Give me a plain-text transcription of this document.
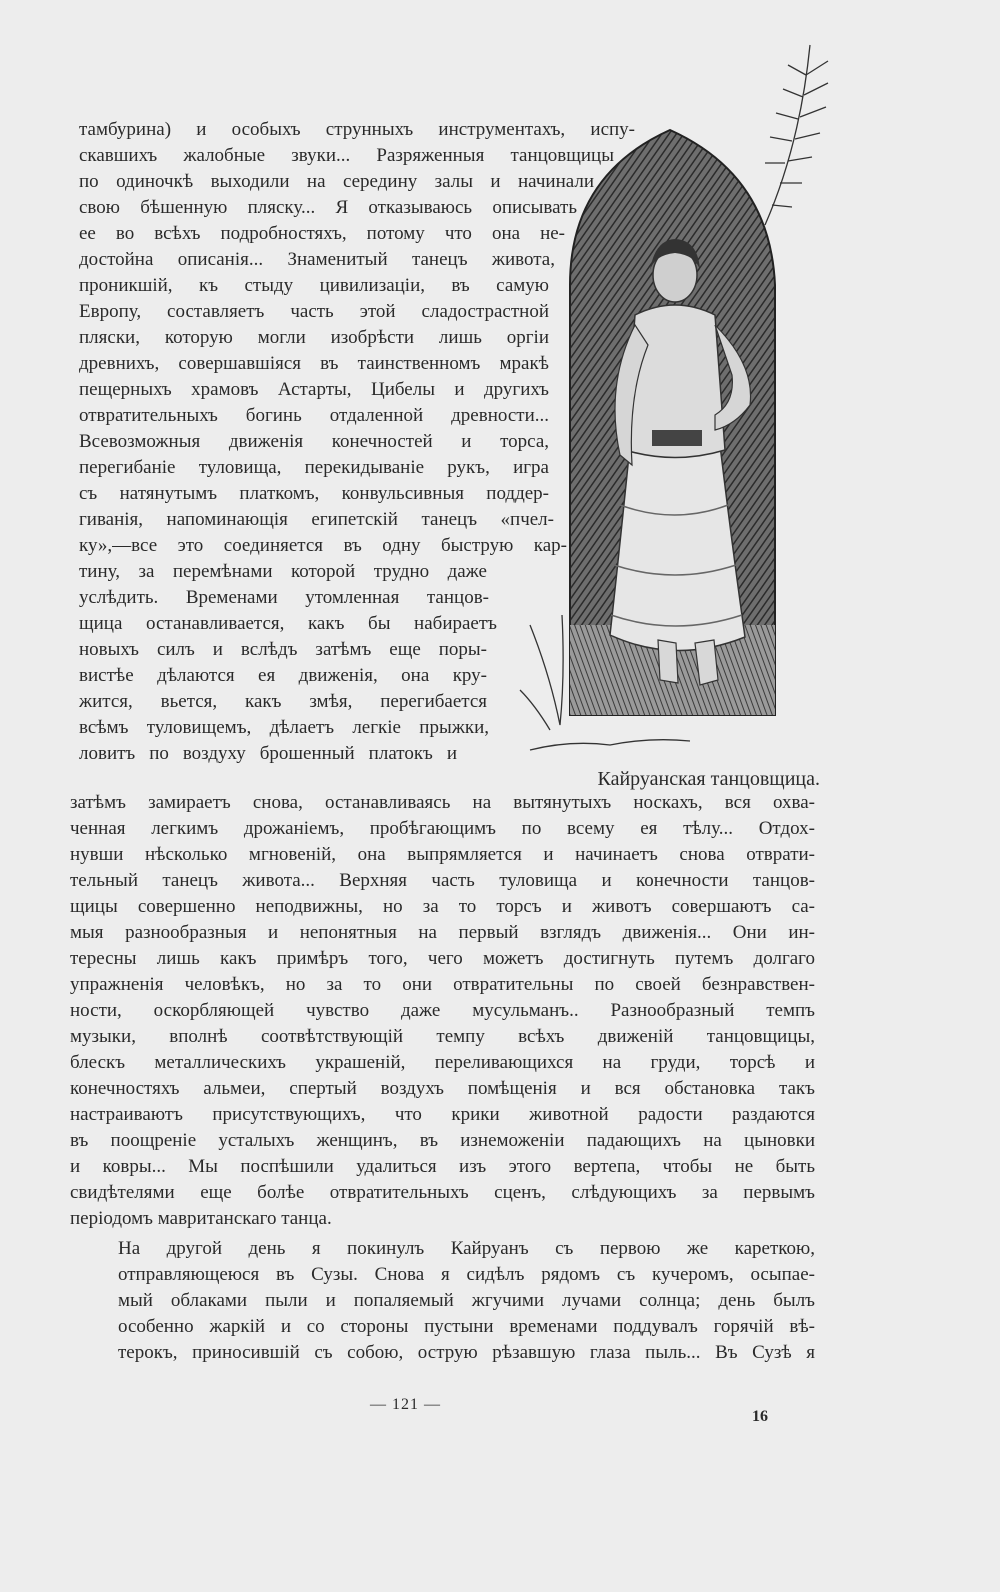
тамбурина) и особыхъ струнныхъ инструментахъ, испу-
скавшихъ жалобные звуки... Разряженныя танцовщицы
по одиночкѣ выходили на середину залы и начинали
свою бѣшенную пляску... Я отказываюсь описывать
ее во всѣхъ подробностяхъ, потому что она не-
достойна описанія... Знаменитый танецъ живота,
проникшій, къ стыду цивилизаціи, въ самую
Европу, составляетъ часть этой сладострастной
пляски, которую могли изобрѣсти лишь оргіи
древнихъ, совершавшіяся въ таинственномъ мракѣ
пещерныхъ храмовъ Астарты, Цибелы и другихъ
отвратительныхъ богинь отдаленной древности...
Всевозможныя движенія конечностей и торса,
перегибаніе туловища, перекидываніе рукъ, игра
съ натянутымъ платкомъ, конвульсивныя поддер-
гиванія, напоминающія египетскій танецъ «пчел-
ку»,—все это соединяется въ одну быструю кар-
тину, за перемѣнами которой трудно даже
услѣдить. Временами утомленная танцов-
щица останавливается, какъ бы набираетъ
новыхъ силъ и вслѣдъ затѣмъ еще поры-
вистѣе дѣлаются ея движенія, она кру-
жится, вьется, какъ змѣя, перегибается
всѣмъ туловищемъ, дѣлаетъ легкіе прыжки,
ловитъ по воздуху брошенный платокъ и
Кайруанская танцовщица.
затѣмъ замираетъ снова, останавливаясь на вытянутыхъ носкахъ, вся охва-
ченная легкимъ дрожаніемъ, пробѣгающимъ по всему ея тѣлу... Отдох-
нувши нѣсколько мгновеній, она выпрямляется и начинаетъ снова отврати-
тельный танецъ живота... Верхняя часть туловища и конечности танцов-
щицы совершенно неподвижны, но за то торсъ и животъ совершаютъ са-
мыя разнообразныя и непонятныя на первый взглядъ движенія... Они ин-
тересны лишь какъ примѣръ того, чего можетъ достигнуть путемъ долгаго
упражненія человѣкъ, но за то они отвратительны по своей безнравствен-
ности, оскорбляющей чувство даже мусульманъ.. Разнообразный темпъ
музыки, вполнѣ соотвѣтствующій темпу всѣхъ движеній танцовщицы,
блескъ металлическихъ украшеній, переливающихся на груди, торсѣ и
конечностяхъ альмеи, спертый воздухъ помѣщенія и вся обстановка такъ
настраиваютъ присутствующихъ, что крики животной радости раздаются
въ поощреніе усталыхъ женщинъ, въ изнеможеніи падающихъ на цыновки
и ковры... Мы поспѣшили удалиться изъ этого вертепа, чтобы не быть
свидѣтелями еще болѣе отвратительныхъ сценъ, слѣдующихъ за первымъ
періодомъ мавританскаго танца.
На другой день я покинулъ Кайруанъ съ первою же кареткою,
отправляющеюся въ Сузы. Снова я сидѣлъ рядомъ съ кучеромъ, осыпае-
мый облаками пыли и попаляемый жгучими лучами солнца; день былъ
особенно жаркій и со стороны пустыни временами поддувалъ горячій вѣ-
терокъ, приносившій съ собою, острую рѣзавшую глаза пыль... Въ Сузѣ я
— 121 —
16
